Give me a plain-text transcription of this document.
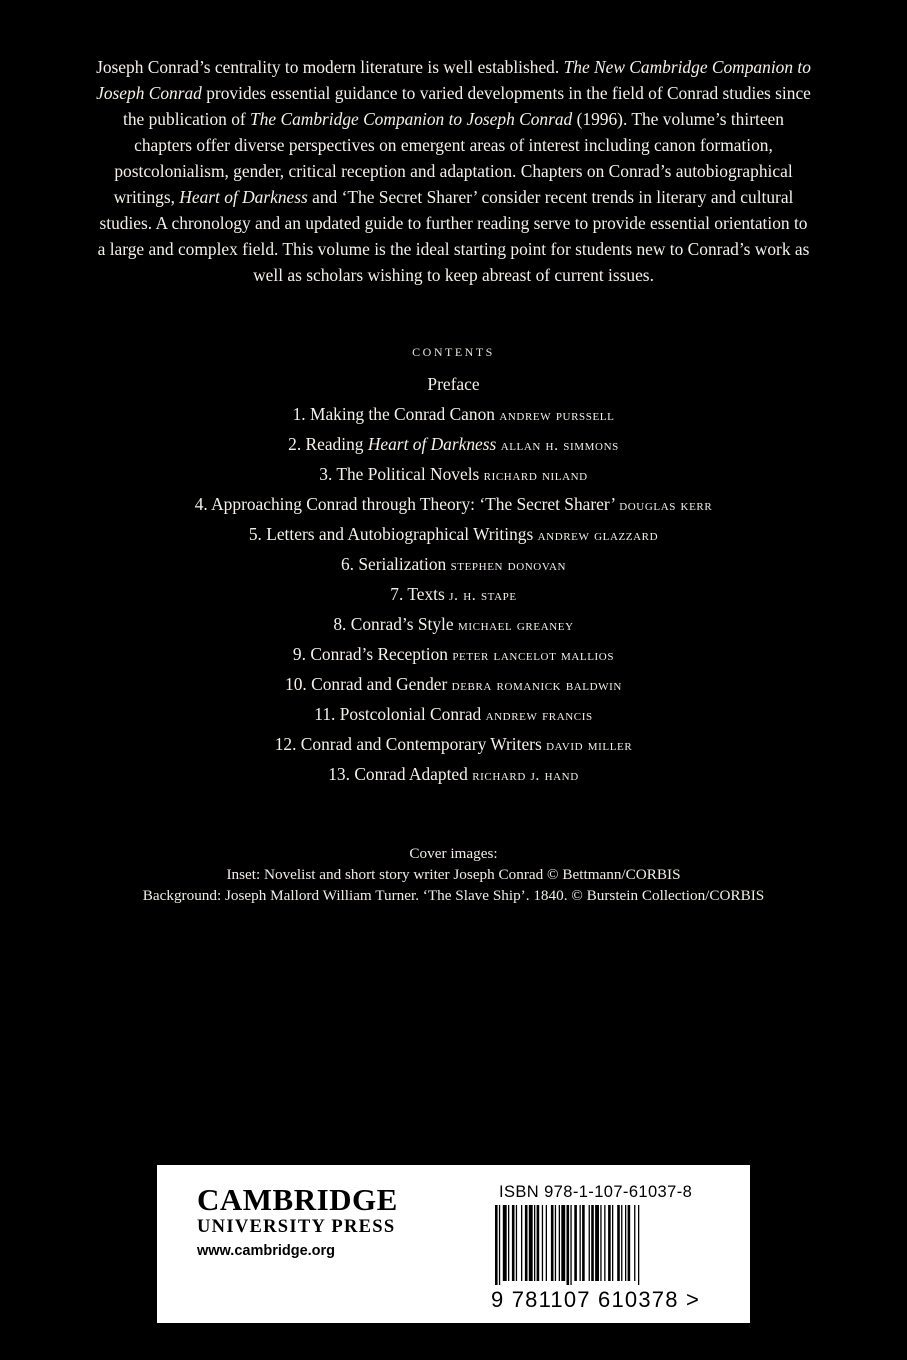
Joseph Conrad’s centrality to modern literature is well established. The New Cambridge Companion to Joseph Conrad provides essential guidance to varied developments in the field of Conrad studies since the publication of The Cambridge Companion to Joseph Conrad (1996). The volume’s thirteen chapters offer diverse perspectives on emergent areas of interest including canon formation, postcolonialism, gender, critical reception and adaptation. Chapters on Conrad’s autobiographical writings, Heart of Darkness and ‘The Secret Sharer’ consider recent trends in literary and cultural studies. A chronology and an updated guide to further reading serve to provide essential orientation to a large and complex field. This volume is the ideal starting point for students new to Conrad’s work as well as scholars wishing to keep abreast of current issues.
CONTENTS
Preface
1. Making the Conrad Canon andrew purssell
2. Reading Heart of Darkness allan h. simmons
3. The Political Novels richard niland
4. Approaching Conrad through Theory: ‘The Secret Sharer’ douglas kerr
5. Letters and Autobiographical Writings andrew glazzard
6. Serialization stephen donovan
7. Texts j. h. stape
8. Conrad’s Style michael greaney
9. Conrad’s Reception peter lancelot mallios
10. Conrad and Gender debra romanick baldwin
11. Postcolonial Conrad andrew francis
12. Conrad and Contemporary Writers david miller
13. Conrad Adapted richard j. hand
Cover images:
Inset: Novelist and short story writer Joseph Conrad © Bettmann/CORBIS
Background: Joseph Mallord William Turner. ‘The Slave Ship’. 1840. © Burstein Collection/CORBIS
CAMBRIDGE
UNIVERSITY PRESS
www.cambridge.org
ISBN 978-1-107-61037-8
9 781107 610378 >
